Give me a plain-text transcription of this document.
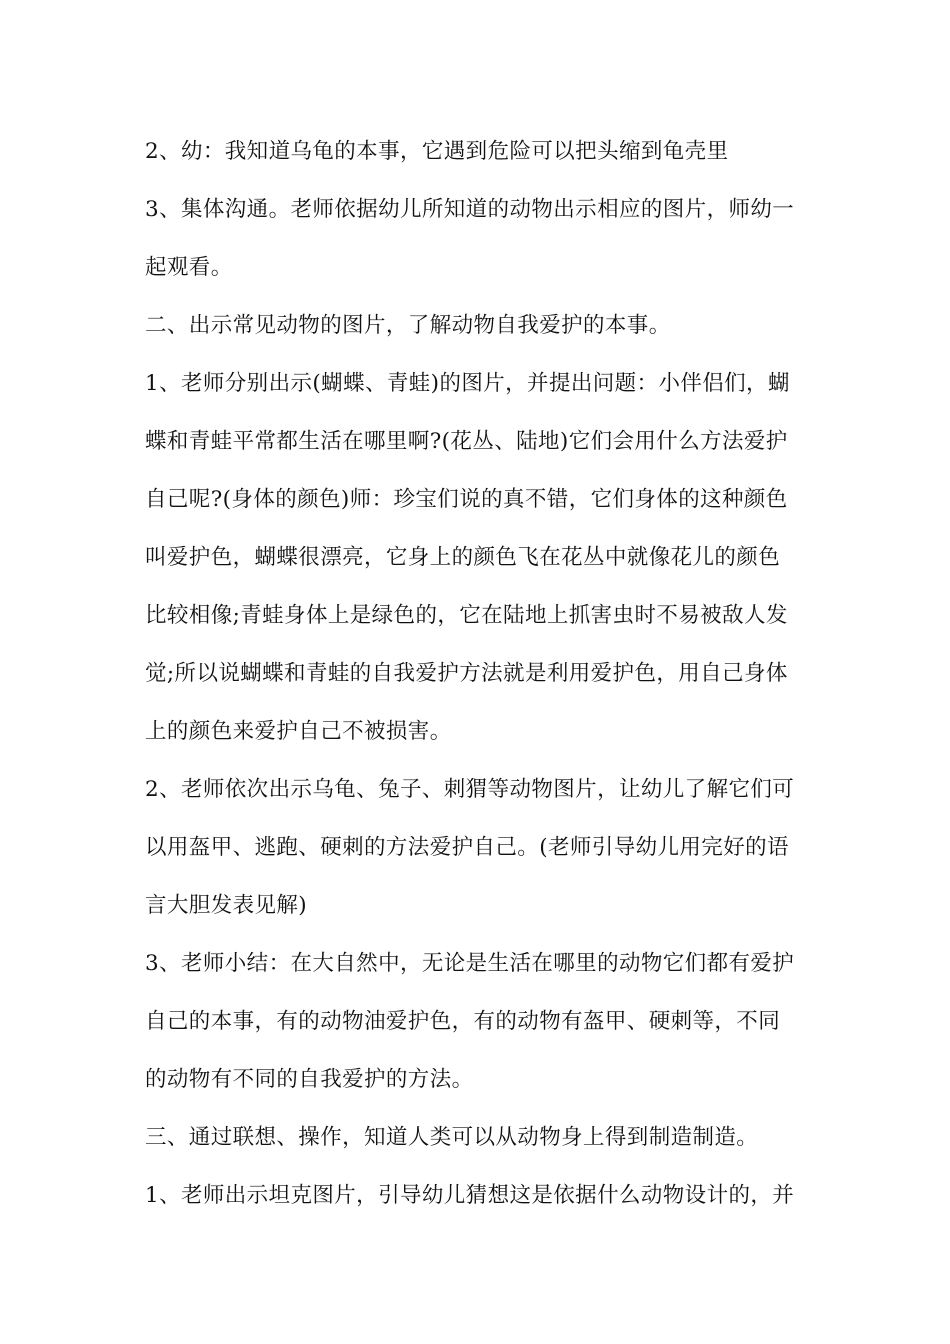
2、幼：我知道乌龟的本事，它遇到危险可以把头缩到龟壳里
3、集体沟通。老师依据幼儿所知道的动物出示相应的图片，师幼一
起观看。
二、出示常见动物的图片，了解动物自我爱护的本事。
1、老师分别出示(蝴蝶、青蛙)的图片，并提出问题：小伴侣们，蝴
蝶和青蛙平常都生活在哪里啊?(花丛、陆地)它们会用什么方法爱护
自己呢?(身体的颜色)师：珍宝们说的真不错，它们身体的这种颜色
叫爱护色，蝴蝶很漂亮，它身上的颜色飞在花丛中就像花儿的颜色
比较相像;青蛙身体上是绿色的，它在陆地上抓害虫时不易被敌人发
觉;所以说蝴蝶和青蛙的自我爱护方法就是利用爱护色，用自己身体
上的颜色来爱护自己不被损害。
2、老师依次出示乌龟、兔子、刺猬等动物图片，让幼儿了解它们可
以用盔甲、逃跑、硬刺的方法爱护自己。(老师引导幼儿用完好的语
言大胆发表见解)
3、老师小结：在大自然中，无论是生活在哪里的动物它们都有爱护
自己的本事，有的动物油爱护色，有的动物有盔甲、硬刺等，不同
的动物有不同的自我爱护的方法。
三、通过联想、操作，知道人类可以从动物身上得到制造制造。
1、老师出示坦克图片，引导幼儿猜想这是依据什么动物设计的，并
